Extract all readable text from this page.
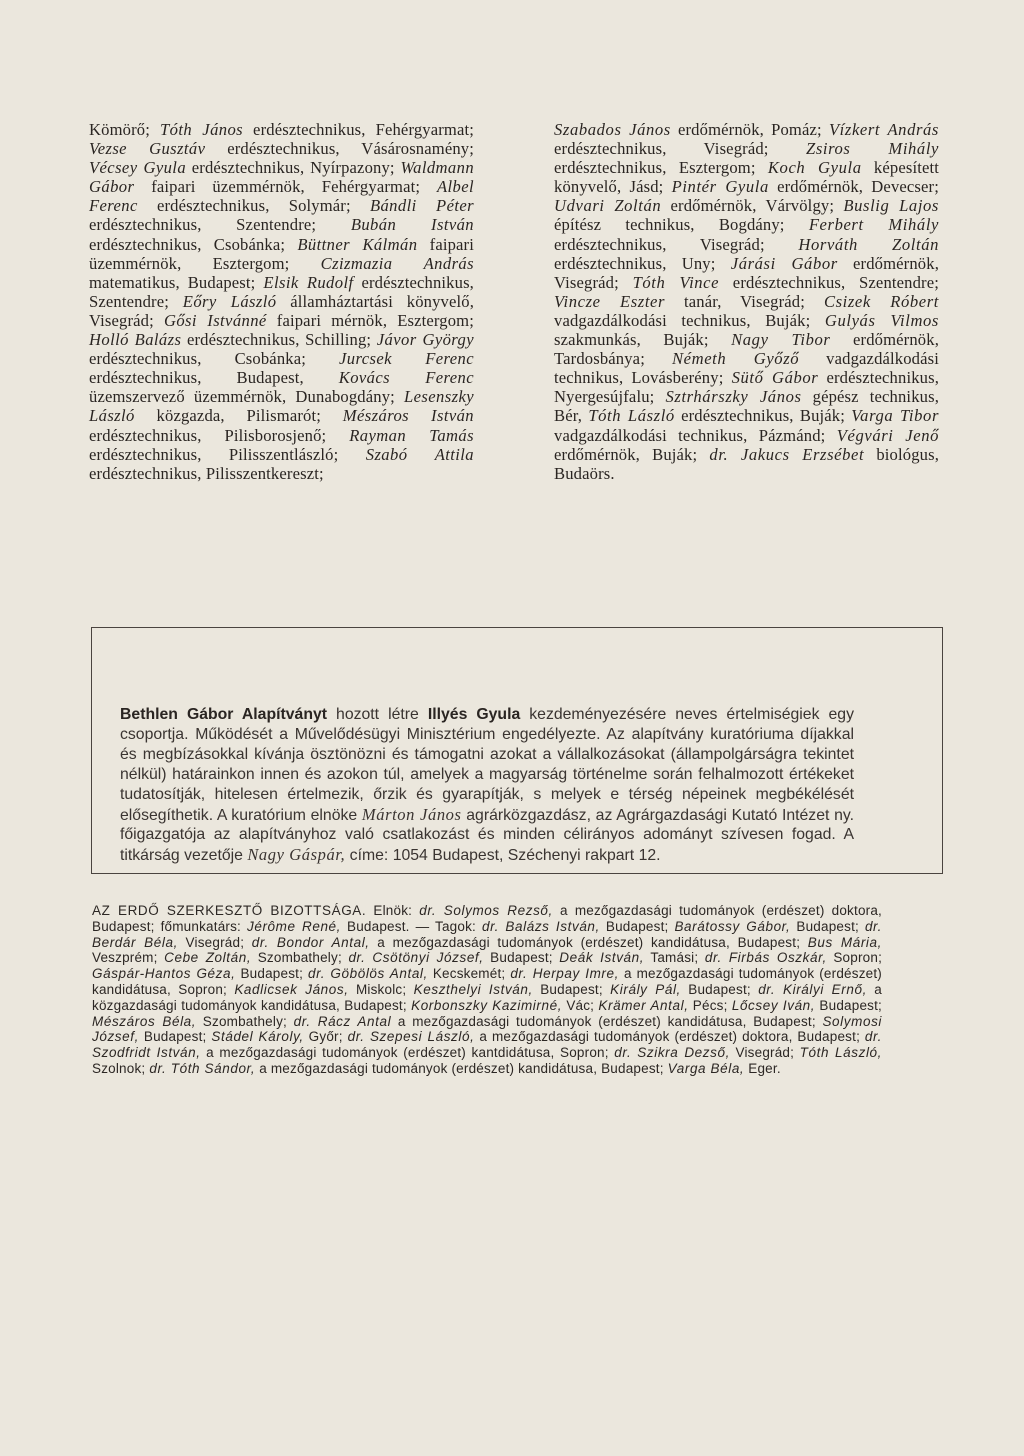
Kömörő; Tóth János erdésztechnikus, Fehérgyarmat; Vezse Gusztáv erdésztechnikus, Vásárosnamény; Vécsey Gyula erdésztechnikus, Nyírpazony; Waldmann Gábor faipari üzemmérnök, Fehérgyarmat; Albel Ferenc erdésztechnikus, Solymár; Bándli Péter erdésztechnikus, Szentendre; Bubán István erdésztechnikus, Csobánka; Büttner Kálmán faipari üzemmérnök, Esztergom; Czizmazia András matematikus, Budapest; Elsik Rudolf erdésztechnikus, Szentendre; Eőry László államháztartási könyvelő, Visegrád; Gősi Istvánné faipari mérnök, Esztergom; Holló Balázs erdésztechnikus, Schilling; Jávor György erdésztechnikus, Csobánka; Jurcsek Ferenc erdésztechnikus, Budapest, Kovács Ferenc üzemszervező üzemmérnök, Dunabogdány; Lesenszky László közgazda, Pilismarót; Mészáros István erdésztechnikus, Pilisborosjenő; Rayman Tamás erdésztechnikus, Pilisszentlászló; Szabó Attila erdésztechnikus, Pilisszentkereszt;

Szabados János erdőmérnök, Pomáz; Vízkert András erdésztechnikus, Visegrád; Zsiros Mihály erdésztechnikus, Esztergom; Koch Gyula képesített könyvelő, Jásd; Pintér Gyula erdőmérnök, Devecser; Udvari Zoltán erdőmérnök, Várvölgy; Buslig Lajos építész technikus, Bogdány; Ferbert Mihály erdésztechnikus, Visegrád; Horváth Zoltán erdésztechnikus, Uny; Járási Gábor erdőmérnök, Visegrád; Tóth Vince erdésztechnikus, Szentendre; Vincze Eszter tanár, Visegrád; Csizek Róbert vadgazdálkodási technikus, Buják; Gulyás Vilmos szakmunkás, Buják; Nagy Tibor erdőmérnök, Tardosbánya; Németh Győző vadgazdálkodási technikus, Lovásberény; Sütő Gábor erdésztechnikus, Nyergesújfalu; Sztrhárszky János gépész technikus, Bér, Tóth László erdésztechnikus, Buják; Varga Tibor vadgazdálkodási technikus, Pázmánd; Végvári Jenő erdőmérnök, Buják; dr. Jakucs Erzsébet biológus, Budaörs.

Bethlen Gábor Alapítványt hozott létre Illyés Gyula kezdeményezésére neves értelmiségiek egy csoportja. Működését a Művelődésügyi Minisztérium engedélyezte. Az alapítvány kuratóriuma díjakkal és megbízásokkal kívánja ösztönözni és támogatni azokat a vállalkozásokat (állampolgárságra tekintet nélkül) határainkon innen és azokon túl, amelyek a magyarság történelme során felhalmozott értékeket tudatosítják, hitelesen értelmezik, őrzik és gyarapítják, s melyek e térség népeinek megbékélését elősegíthetik. A kuratórium elnöke Márton János agrárközgazdász, az Agrárgazdasági Kutató Intézet ny. főigazgatója az alapítványhoz való csatlakozást és minden célirányos adományt szívesen fogad. A titkárság vezetője Nagy Gáspár, címe: 1054 Budapest, Széchenyi rakpart 12.

AZ ERDŐ SZERKESZTŐ BIZOTTSÁGA. Elnök: dr. Solymos Rezső, a mezőgazdasági tudományok (erdészet) doktora, Budapest; főmunkatárs: Jérôme René, Budapest. — Tagok: dr. Balázs István, Budapest; Barátossy Gábor, Budapest; dr. Berdár Béla, Visegrád; dr. Bondor Antal, a mezőgazdasági tudományok (erdészet) kandidátusa, Budapest; Bus Mária, Veszprém; Cebe Zoltán, Szombathely; dr. Csötönyi József, Budapest; Deák István, Tamási; dr. Firbás Oszkár, Sopron; Gáspár-Hantos Géza, Budapest; dr. Göbölös Antal, Kecskemét; dr. Herpay Imre, a mezőgazdasági tudományok (erdészet) kandidátusa, Sopron; Kadlicsek János, Miskolc; Keszthelyi István, Budapest; Király Pál, Budapest; dr. Királyi Ernő, a közgazdasági tudományok kandidátusa, Budapest; Korbonszky Kazimirné, Vác; Krämer Antal, Pécs; Lőcsey Iván, Budapest; Mészáros Béla, Szombathely; dr. Rácz Antal a mezőgazdasági tudományok (erdészet) kandidátusa, Budapest; Solymosi József, Budapest; Stádel Károly, Győr; dr. Szepesi László, a mezőgazdasági tudományok (erdészet) doktora, Budapest; dr. Szodfridt István, a mezőgazdasági tudományok (erdészet) kantdidátusa, Sopron; dr. Szikra Dezső, Visegrád; Tóth László, Szolnok; dr. Tóth Sándor, a mezőgazdasági tudományok (erdészet) kandidátusa, Budapest; Varga Béla, Eger.
